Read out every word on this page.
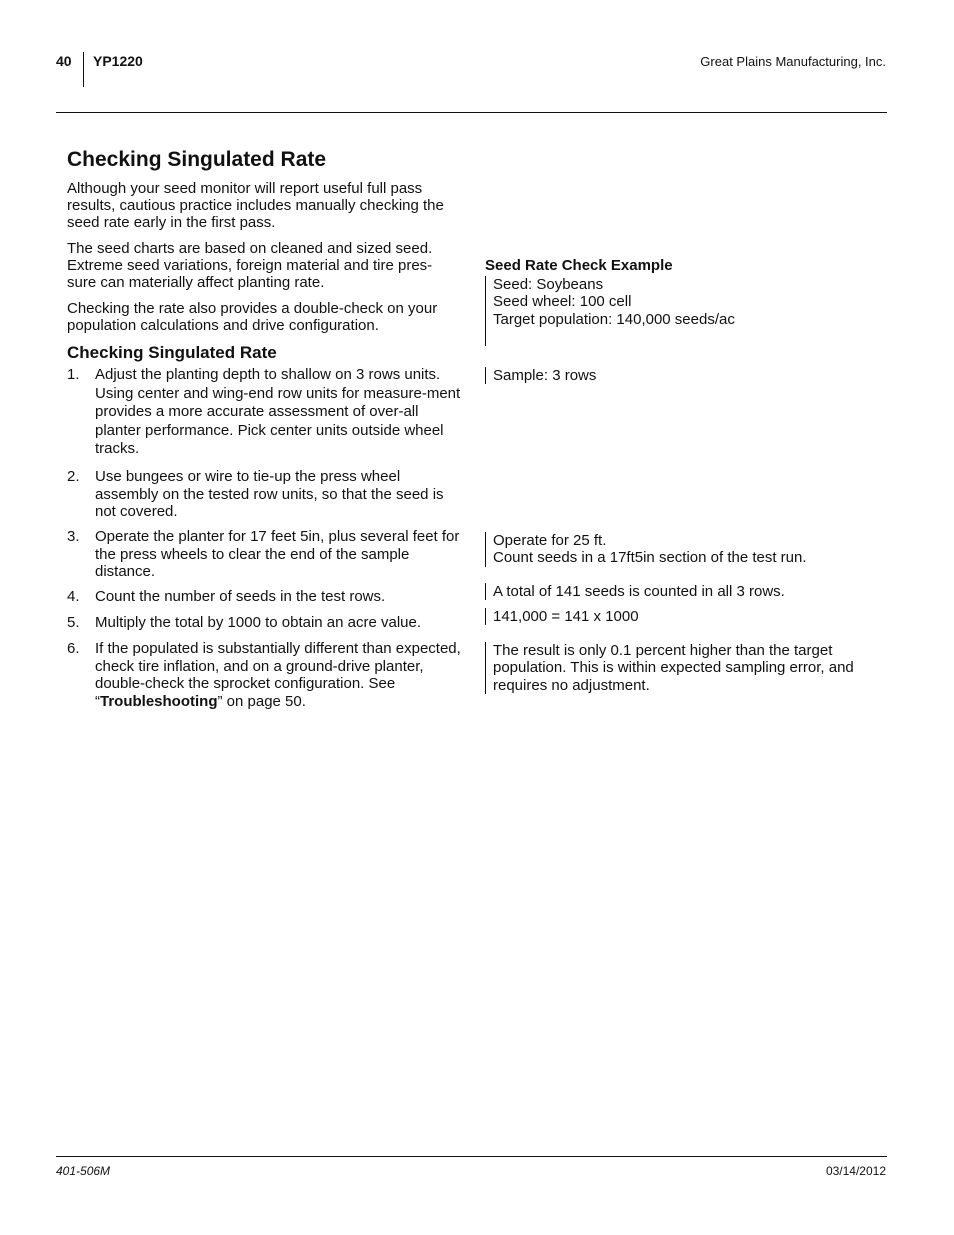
40 YP1220	Great Plains Manufacturing, Inc.
Checking Singulated Rate

Although your seed monitor will report useful full pass results, cautious practice includes manually checking the seed rate early in the first pass.

The seed charts are based on cleaned and sized seed. Extreme seed variations, foreign material and tire pres-sure can materially affect planting rate.

Checking the rate also provides a double-check on your population calculations and drive configuration.

Checking Singulated Rate
1. Adjust the planting depth to shallow on 3 rows units. Using center and wing-end row units for measure-ment provides a more accurate assessment of over-all planter performance. Pick center units outside wheel tracks.
2. Use bungees or wire to tie-up the press wheel assembly on the tested row units, so that the seed is not covered.
3. Operate the planter for 17 feet 5in, plus several feet for the press wheels to clear the end of the sample distance.
4. Count the number of seeds in the test rows.
5. Multiply the total by 1000 to obtain an acre value.
6. If the populated is substantially different than expected, check tire inflation, and on a ground-drive planter, double-check the sprocket configuration. See “Troubleshooting” on page 50.
Seed Rate Check Example
Seed: Soybeans
Seed wheel: 100 cell
Target population: 140,000 seeds/ac
Sample: 3 rows
Operate for 25 ft.
Count seeds in a 17ft5in section of the test run.
A total of 141 seeds is counted in all 3 rows.
141,000 = 141 x 1000
The result is only 0.1 percent higher than the target
population. This is within expected sampling error, and
requires no adjustment.
401-506M	03/14/2012
